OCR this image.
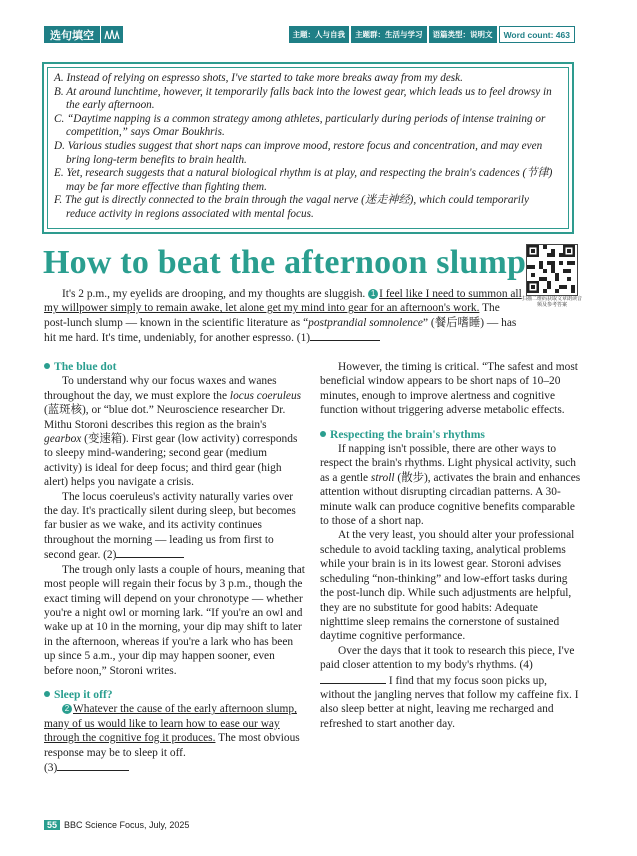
选句填空	主题：人与自我	主题群：生活与学习	语篇类型：说明文	Word count: 463

A. Instead of relying on espresso shots, I've started to take more breaks away from my desk.

B. At around lunchtime, however, it temporarily falls back into the lowest gear, which leads us to feel drowsy in the early afternoon.

C. “Daytime napping is a common strategy among athletes, particularly during periods of intense training or competition,” says Omar Boukhris.

D. Various studies suggest that short naps can improve mood, restore focus and concentration, and may even bring long-term benefits to brain health.

E. Yet, research suggests that a natural biological rhythm is at play, and respecting the brain's cadences (节律) may be far more effective than fighting them.

F. The gut is directly connected to the brain through the vagal nerve (迷走神经), which could temporarily reduce activity in regions associated with mental focus.

How to beat the afternoon slump
扫描二维码获取文章朗读音频及参考答案

It's 2 p.m., my eyelids are drooping, and my thoughts are sluggish. 1 I feel like I need to summon all my willpower simply to remain awake, let alone get my mind into gear for an afternoon's work. The post-lunch slump — known in the scientific literature as “postprandial somnolence” (餐后嗜睡) — has hit me hard. It's time, undeniably, for another espresso. (1)

The blue dot

To understand why our focus waxes and wanes throughout the day, we must explore the locus coeruleus (蓝斑核), or “blue dot.” Neuroscience researcher Dr. Mithu Storoni describes this region as the brain's gearbox (变速箱). First gear (low activity) corresponds to sleepy mind-wandering; second gear (medium activity) is ideal for deep focus; and third gear (high alert) helps you navigate a crisis.

The locus coeruleus's activity naturally varies over the day. It's practically silent during sleep, but becomes far busier as we wake, and its activity continues throughout the morning — leading us from first to second gear. (2)

The trough only lasts a couple of hours, meaning that most people will regain their focus by 3 p.m., though the exact timing will depend on your chronotype — whether you're a night owl or morning lark. “If you're an owl and wake up at 10 in the morning, your dip may shift to later in the afternoon, whereas if you're a lark who has been up since 5 a.m., your dip may happen sooner, even before noon,” Storoni writes.

Sleep it off?

2 Whatever the cause of the early afternoon slump, many of us would like to learn how to ease our way through the cognitive fog it produces. The most obvious response may be to sleep it off.

(3)

However, the timing is critical. “The safest and most beneficial window appears to be short naps of 10–20 minutes, enough to improve alertness and cognitive function without triggering adverse metabolic effects.

Respecting the brain's rhythms

If napping isn't possible, there are other ways to respect the brain's rhythms. Light physical activity, such as a gentle stroll (散步), activates the brain and enhances attention without disrupting circadian patterns. A 30-minute walk can produce cognitive benefits comparable to those of a short nap.

At the very least, you should alter your professional schedule to avoid tackling taxing, analytical problems while your brain is in its lowest gear. Storoni advises scheduling “non-thinking” and low-effort tasks during the post-lunch dip. While such adjustments are helpful, they are no substitute for good habits: Adequate nighttime sleep remains the cornerstone of sustained daytime cognitive performance.

Over the days that it took to research this piece, I've paid closer attention to my body's rhythms. (4) I find that my focus soon picks up, without the jangling nerves that follow my caffeine fix. I also sleep better at night, leaving me recharged and refreshed to start another day.

55 BBC Science Focus, July, 2025
